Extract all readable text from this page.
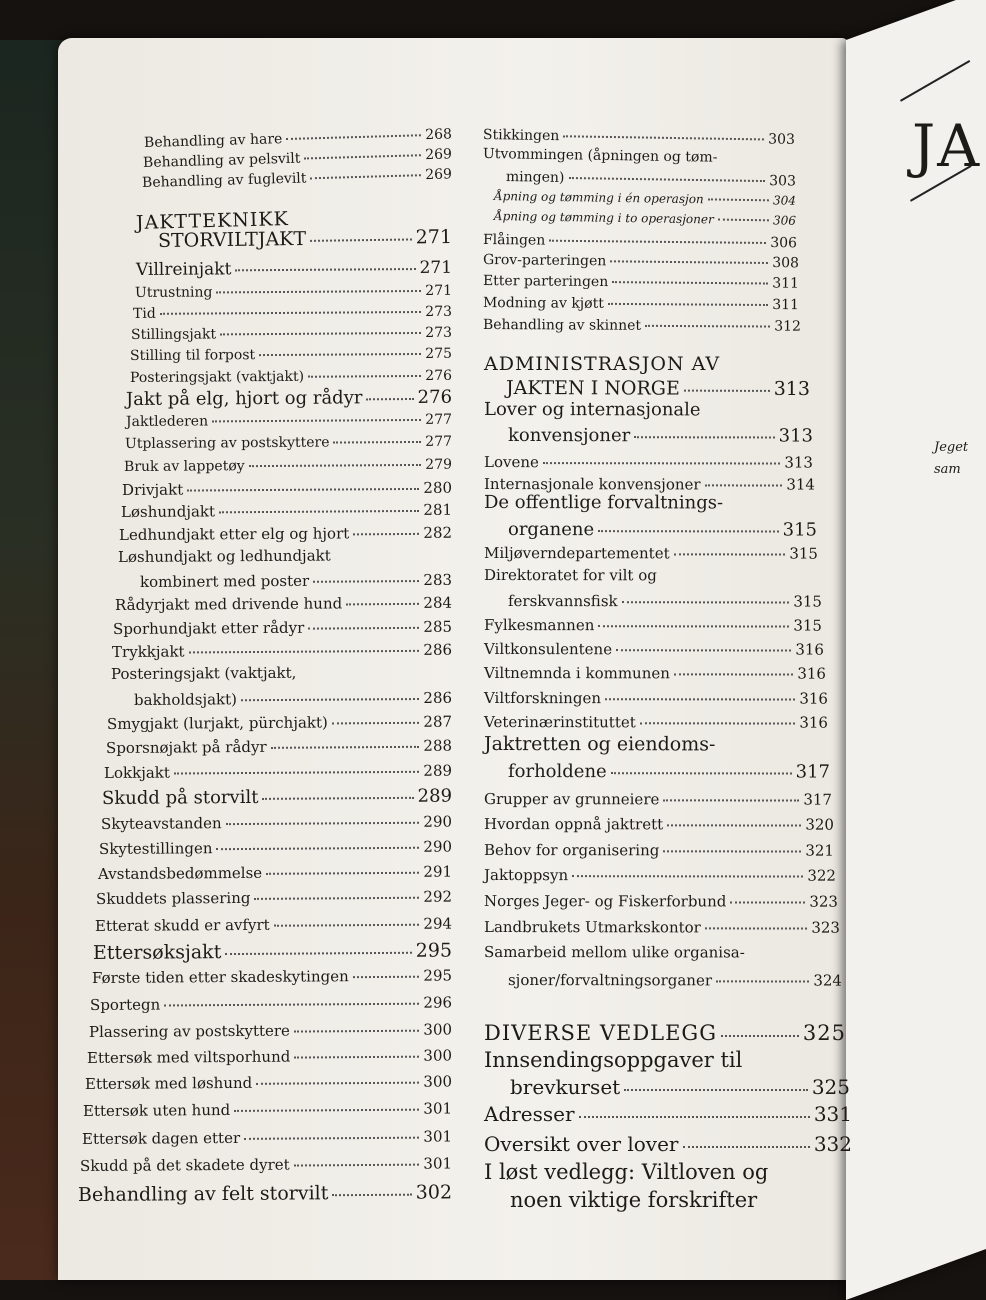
JA
Jeget
sam
Behandling av hare	268
Behandling av pelsvilt	269
Behandling av fuglevilt	269
JAKTTEKNIKK
STORVILTJAKT	271
Villreinjakt	271
Utrustning	271
Tid	273
Stillingsjakt	273
Stilling til forpost	275
Posteringsjakt (vaktjakt)	276
Jakt på elg, hjort og rådyr	276
Jaktlederen	277
Utplassering av postskyttere	277
Bruk av lappetøy	279
Drivjakt	280
Løshundjakt	281
Ledhundjakt etter elg og hjort	282
Løshundjakt og ledhundjakt
kombinert med poster	283
Rådyrjakt med drivende hund	284
Sporhundjakt etter rådyr	285
Trykkjakt	286
Posteringsjakt (vaktjakt,
bakholdsjakt)	286
Smygjakt (lurjakt, pürchjakt)	287
Sporsnøjakt på rådyr	288
Lokkjakt	289
Skudd på storvilt	289
Skyteavstanden	290
Skytestillingen	290
Avstandsbedømmelse	291
Skuddets plassering	292
Etterat skudd er avfyrt	294
Ettersøksjakt	295
Første tiden etter skadeskytingen	295
Sportegn	296
Plassering av postskyttere	300
Ettersøk med viltsporhund	300
Ettersøk med løshund	300
Ettersøk uten hund	301
Ettersøk dagen etter	301
Skudd på det skadete dyret	301
Behandling av felt storvilt	302
Stikkingen	303
Utvommingen (åpningen og tøm-
mingen)	303
Åpning og tømming i én operasjon	304
Åpning og tømming i to operasjoner	306
Flåingen	306
Grov-parteringen	308
Etter parteringen	311
Modning av kjøtt	311
Behandling av skinnet	312
ADMINISTRASJON AV
JAKTEN I NORGE	313
Lover og internasjonale
konvensjoner	313
Lovene	313
Internasjonale konvensjoner	314
De offentlige forvaltnings-
organene	315
Miljøverndepartementet	315
Direktoratet for vilt og
ferskvannsfisk	315
Fylkesmannen	315
Viltkonsulentene	316
Viltnemnda i kommunen	316
Viltforskningen	316
Veterinærinstituttet	316
Jaktretten og eiendoms-
forholdene	317
Grupper av grunneiere	317
Hvordan oppnå jaktrett	320
Behov for organisering	321
Jaktoppsyn	322
Norges Jeger- og Fiskerforbund	323
Landbrukets Utmarkskontor	323
Samarbeid mellom ulike organisa-
sjoner/forvaltningsorganer	324
DIVERSE VEDLEGG	325
Innsendingsoppgaver til
brevkurset	325
Adresser	331
Oversikt over lover	332
I løst vedlegg: Viltloven og
noen viktige forskrifter
